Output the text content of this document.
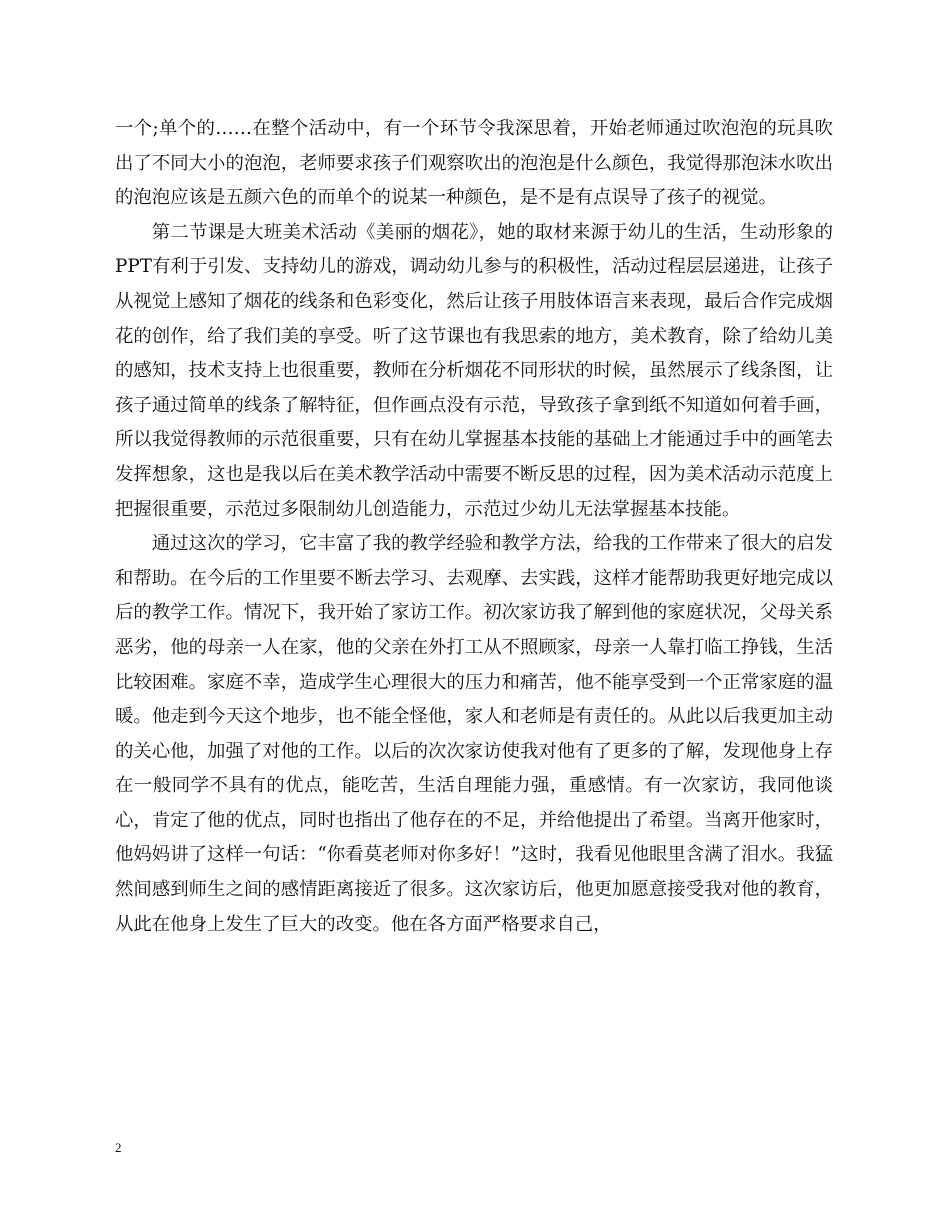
一个;单个的……在整个活动中，有一个环节令我深思着，开始老师通过吹泡泡的玩具吹出了不同大小的泡泡，老师要求孩子们观察吹出的泡泡是什么颜色，我觉得那泡沫水吹出的泡泡应该是五颜六色的而单个的说某一种颜色，是不是有点误导了孩子的视觉。

第二节课是大班美术活动《美丽的烟花》，她的取材来源于幼儿的生活，生动形象的PPT有利于引发、支持幼儿的游戏，调动幼儿参与的积极性，活动过程层层递进，让孩子从视觉上感知了烟花的线条和色彩变化，然后让孩子用肢体语言来表现，最后合作完成烟花的创作，给了我们美的享受。听了这节课也有我思索的地方，美术教育，除了给幼儿美的感知，技术支持上也很重要，教师在分析烟花不同形状的时候，虽然展示了线条图，让孩子通过简单的线条了解特征，但作画点没有示范，导致孩子拿到纸不知道如何着手画，所以我觉得教师的示范很重要，只有在幼儿掌握基本技能的基础上才能通过手中的画笔去发挥想象，这也是我以后在美术教学活动中需要不断反思的过程，因为美术活动示范度上把握很重要，示范过多限制幼儿创造能力，示范过少幼儿无法掌握基本技能。

通过这次的学习，它丰富了我的教学经验和教学方法，给我的工作带来了很大的启发和帮助。在今后的工作里要不断去学习、去观摩、去实践，这样才能帮助我更好地完成以后的教学工作。情况下，我开始了家访工作。初次家访我了解到他的家庭状况，父母关系恶劣，他的母亲一人在家，他的父亲在外打工从不照顾家，母亲一人靠打临工挣钱，生活比较困难。家庭不幸，造成学生心理很大的压力和痛苦，他不能享受到一个正常家庭的温暖。他走到今天这个地步，也不能全怪他，家人和老师是有责任的。从此以后我更加主动的关心他，加强了对他的工作。以后的次次家访使我对他有了更多的了解，发现他身上存在一般同学不具有的优点，能吃苦，生活自理能力强，重感情。有一次家访，我同他谈心，肯定了他的优点，同时也指出了他存在的不足，并给他提出了希望。当离开他家时，他妈妈讲了这样一句话：“你看莫老师对你多好！”这时，我看见他眼里含满了泪水。我猛然间感到师生之间的感情距离接近了很多。这次家访后，他更加愿意接受我对他的教育，从此在他身上发生了巨大的改变。他在各方面严格要求自己，

2
